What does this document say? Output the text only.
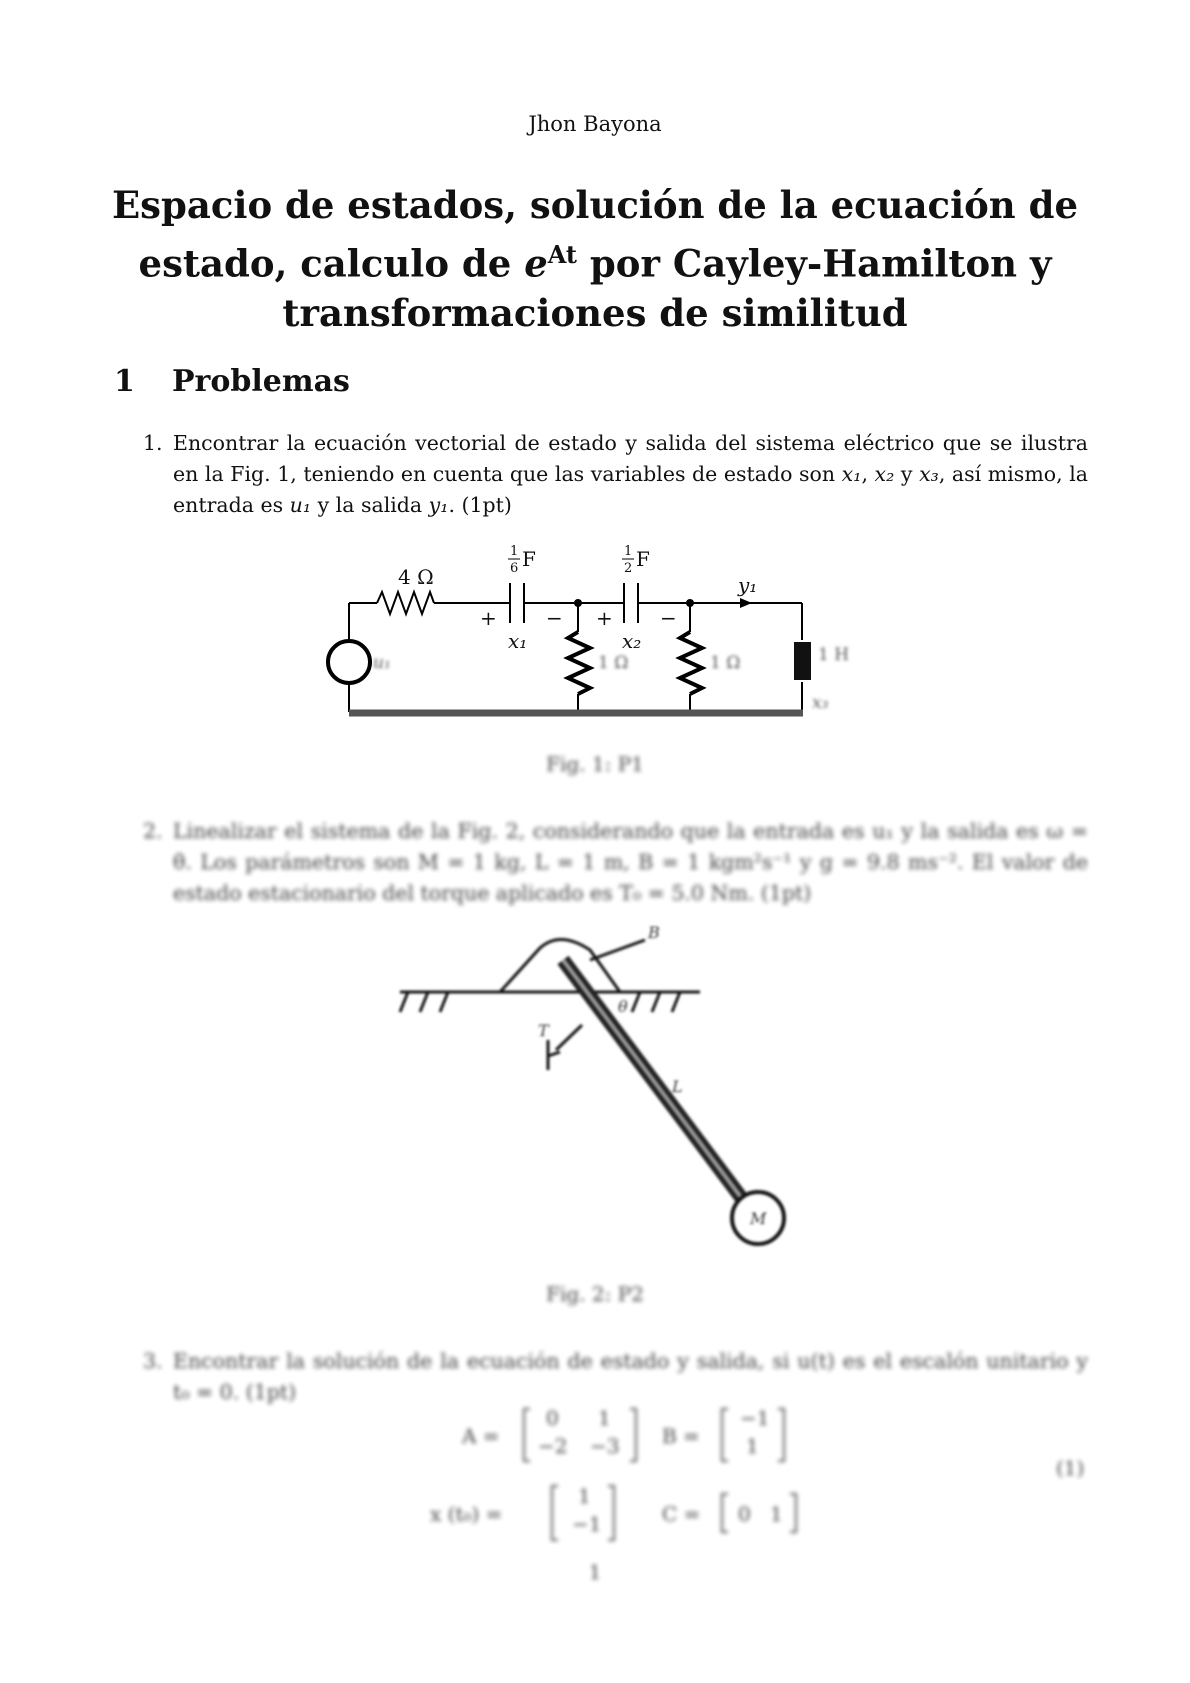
Jhon Bayona
Espacio de estados, solución de la ecuación de
estado, calculo de $e^{At}$ por Cayley-Hamilton y
transformaciones de similitud
1 Problemas
1. Encontrar la ecuación vectorial de estado y salida del sistema eléctrico que se ilustra en la Fig. 1, teniendo en cuenta que las variables de estado son x₁, x₂ y x₃, así mismo, la entrada es u₁ y la salida y₁. (1pt)
4 Ω
1
6 F	1
2 F
+ − + −
x₁	x₂
y₁
u₁	1 Ω	1 Ω	1 H
x₃
Fig. 1: P1
2. Linealizar el sistema de la Fig. 2, considerando que la entrada es u₁ y la salida es ω = θ̇. Los parámetros son M = 1 kg, L = 1 m, B = 1 kgm²s⁻¹ y g = 9.8 ms⁻². El valor de estado estacionario del torque aplicado es T₀ = 5.0 Nm. (1pt)
B
θ
L
T
M
Fig. 2: P2
3. Encontrar la solución de la ecuación de estado y salida, si u(t) es el escalón unitario y t₀ = 0. (1pt)
A =
0 1
−2 −3 B =
−1
1
(1)
x (t₀) =
1
−1	C = 0 1
1
